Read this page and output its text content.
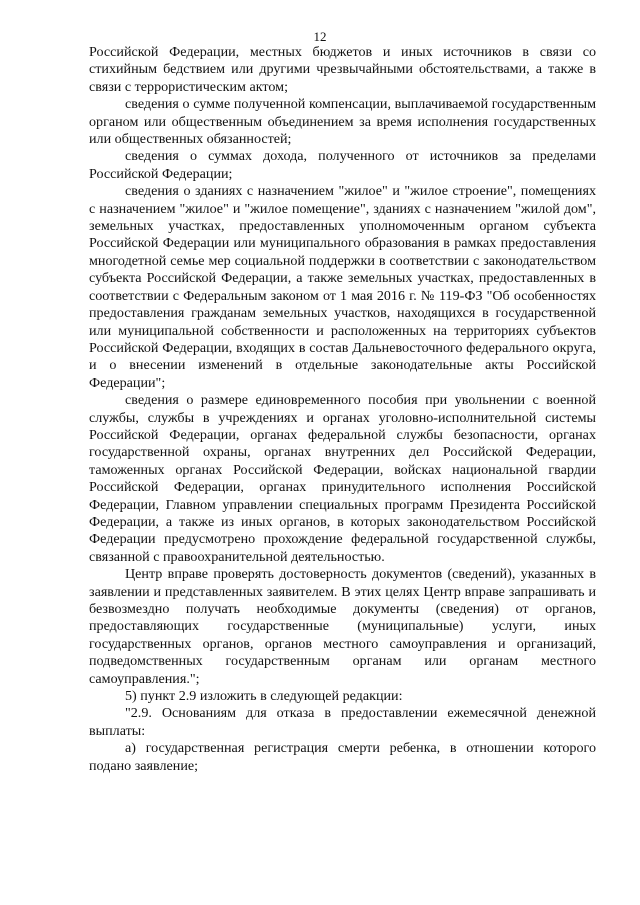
12

Российской Федерации, местных бюджетов и иных источников в связи со стихийным бедствием или другими чрезвычайными обстоятельствами, а также в связи с террористическим актом;

сведения о сумме полученной компенсации, выплачиваемой государственным органом или общественным объединением за время исполнения государственных или общественных обязанностей;

сведения о суммах дохода, полученного от источников за пределами Российской Федерации;

сведения о зданиях с назначением "жилое" и "жилое строение", помещениях с назначением "жилое" и "жилое помещение", зданиях с назначением "жилой дом", земельных участках, предоставленных уполномоченным органом субъекта Российской Федерации или муниципального образования в рамках предоставления многодетной семье мер социальной поддержки в соответствии с законодательством субъекта Российской Федерации, а также земельных участках, предоставленных в соответствии с Федеральным законом от 1 мая 2016 г. № 119-ФЗ "Об особенностях предоставления гражданам земельных участков, находящихся в государственной или муниципальной собственности и расположенных на территориях субъектов Российской Федерации, входящих в состав Дальневосточного федерального округа, и о внесении изменений в отдельные законодательные акты Российской Федерации";

сведения о размере единовременного пособия при увольнении с военной службы, службы в учреждениях и органах уголовно-исполнительной системы Российской Федерации, органах федеральной службы безопасности, органах государственной охраны, органах внутренних дел Российской Федерации, таможенных органах Российской Федерации, войсках национальной гвардии Российской Федерации, органах принудительного исполнения Российской Федерации, Главном управлении специальных программ Президента Российской Федерации, а также из иных органов, в которых законодательством Российской Федерации предусмотрено прохождение федеральной государственной службы, связанной с правоохранительной деятельностью.

Центр вправе проверять достоверность документов (сведений), указанных в заявлении и представленных заявителем. В этих целях Центр вправе запрашивать и безвозмездно получать необходимые документы (сведения) от органов, предоставляющих государственные (муниципальные) услуги, иных государственных органов, органов местного самоуправления и организаций, подведомственных государственным органам или органам местного самоуправления.";

5) пункт 2.9 изложить в следующей редакции:

"2.9. Основаниям для отказа в предоставлении ежемесячной денежной выплаты:

а) государственная регистрация смерти ребенка, в отношении которого подано заявление;
